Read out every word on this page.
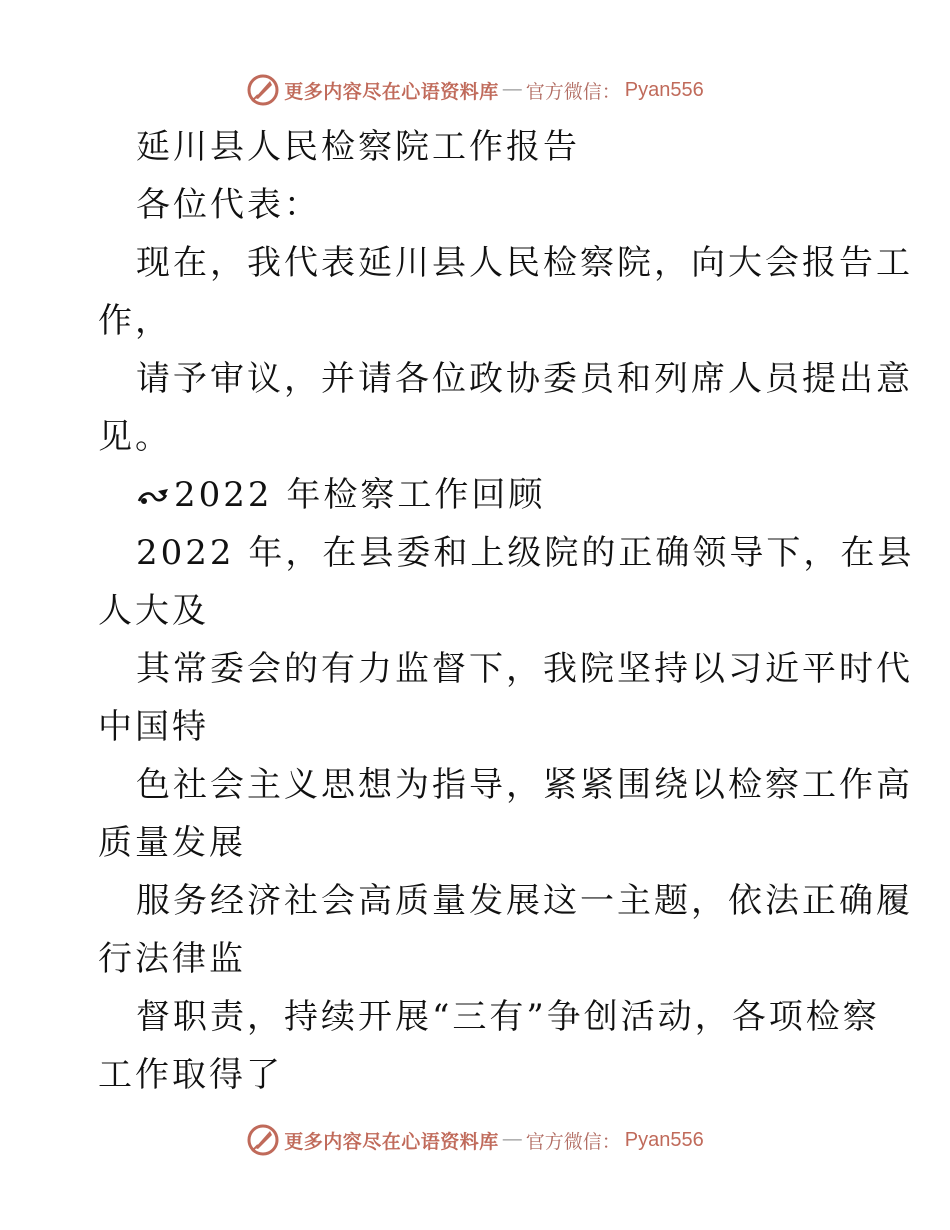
更多内容尽在心语资料库 — 官方微信： Pyan556
延川县人民检察院工作报告
各位代表：
现在，我代表延川县人民检察院，向大会报告工
作，
请予审议，并请各位政协委员和列席人员提出意
见。
2022 年检察工作回顾
2022 年，在县委和上级院的正确领导下，在县
人大及
其常委会的有力监督下，我院坚持以习近平时代
中国特
色社会主义思想为指导，紧紧围绕以检察工作高
质量发展
服务经济社会高质量发展这一主题，依法正确履
行法律监
督职责，持续开展“三有”争创活动，各项检察
工作取得了
更多内容尽在心语资料库 — 官方微信： Pyan556
